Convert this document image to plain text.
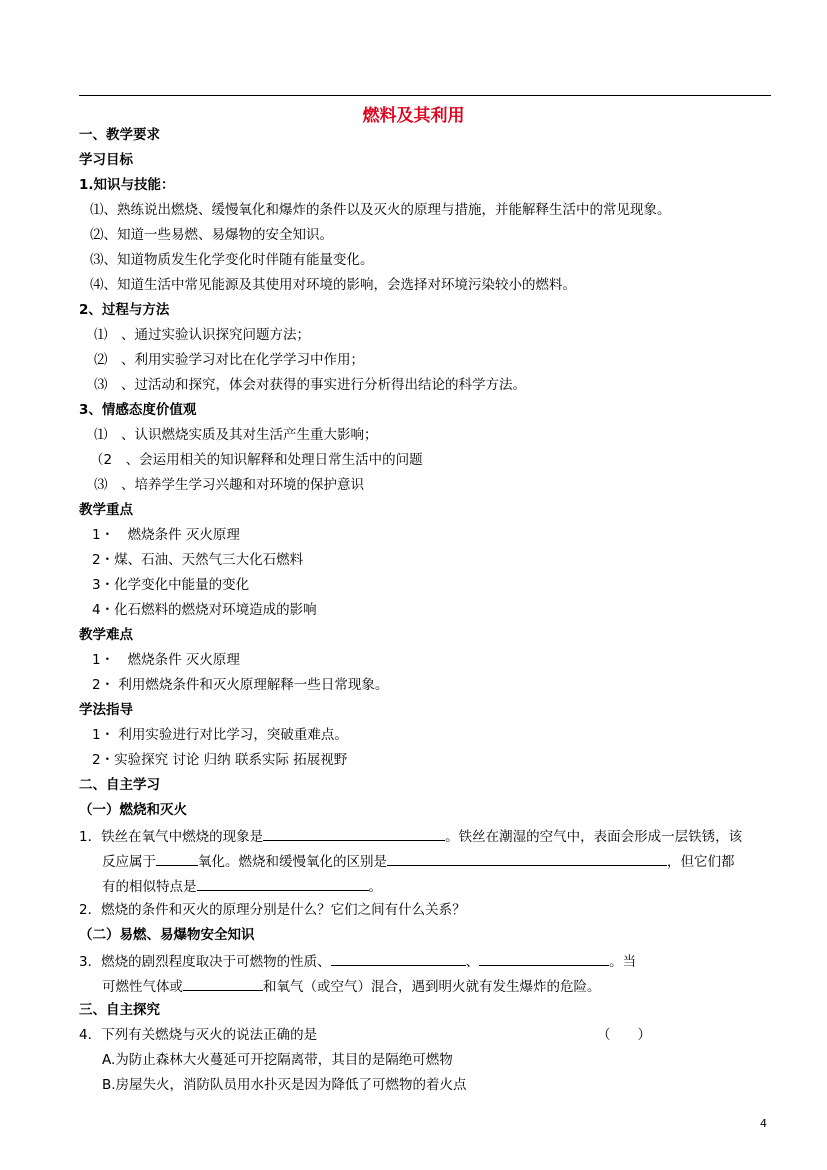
燃料及其利用
一、教学要求
学习目标
1.知识与技能：
⑴、熟练说出燃烧、缓慢氧化和爆炸的条件以及灭火的原理与措施，并能解释生活中的常见现象。
⑵、知道一些易燃、易爆物的安全知识。
⑶、知道物质发生化学变化时伴随有能量变化。
⑷、知道生活中常见能源及其使用对环境的影响，会选择对环境污染较小的燃料。
2、过程与方法
⑴　、通过实验认识探究问题方法；
⑵　、利用实验学习对比在化学学习中作用；
⑶　、过活动和探究，体会对获得的事实进行分析得出结论的科学方法。
3、情感态度价值观
⑴　、认识燃烧实质及其对生活产生重大影响；
（2　、会运用相关的知识解释和处理日常生活中的问题
⑶　、培养学生学习兴趣和对环境的保护意识
教学重点
1・　燃烧条件 灭火原理
2・煤、石油、天然气三大化石燃料
3・化学变化中能量的变化
4・化石燃料的燃烧对环境造成的影响
教学难点
1・　燃烧条件 灭火原理
2・ 利用燃烧条件和灭火原理解释一些日常现象。
学法指导
1・ 利用实验进行对比学习，突破重难点。
2・实验探究 讨论 归纳 联系实际 拓展视野
二、自主学习
（一）燃烧和灭火
1．铁丝在氧气中燃烧的现象是	。铁丝在潮湿的空气中，表面会形成一层铁锈，该
反应属于	氧化。燃烧和缓慢氧化的区别是	，但它们都
有的相似特点是	。
2．燃烧的条件和灭火的原理分别是什么？它们之间有什么关系？
（二）易燃、易爆物安全知识
3．燃烧的剧烈程度取决于可燃物的性质、	、	。当
可燃性气体或	和氧气（或空气）混合，遇到明火就有发生爆炸的危险。
三、自主探究
4．下列有关燃烧与灭火的说法正确的是	（　　）
A.为防止森林大火蔓延可开挖隔离带，其目的是隔绝可燃物
B.房屋失火，消防队员用水扑灭是因为降低了可燃物的着火点
4
